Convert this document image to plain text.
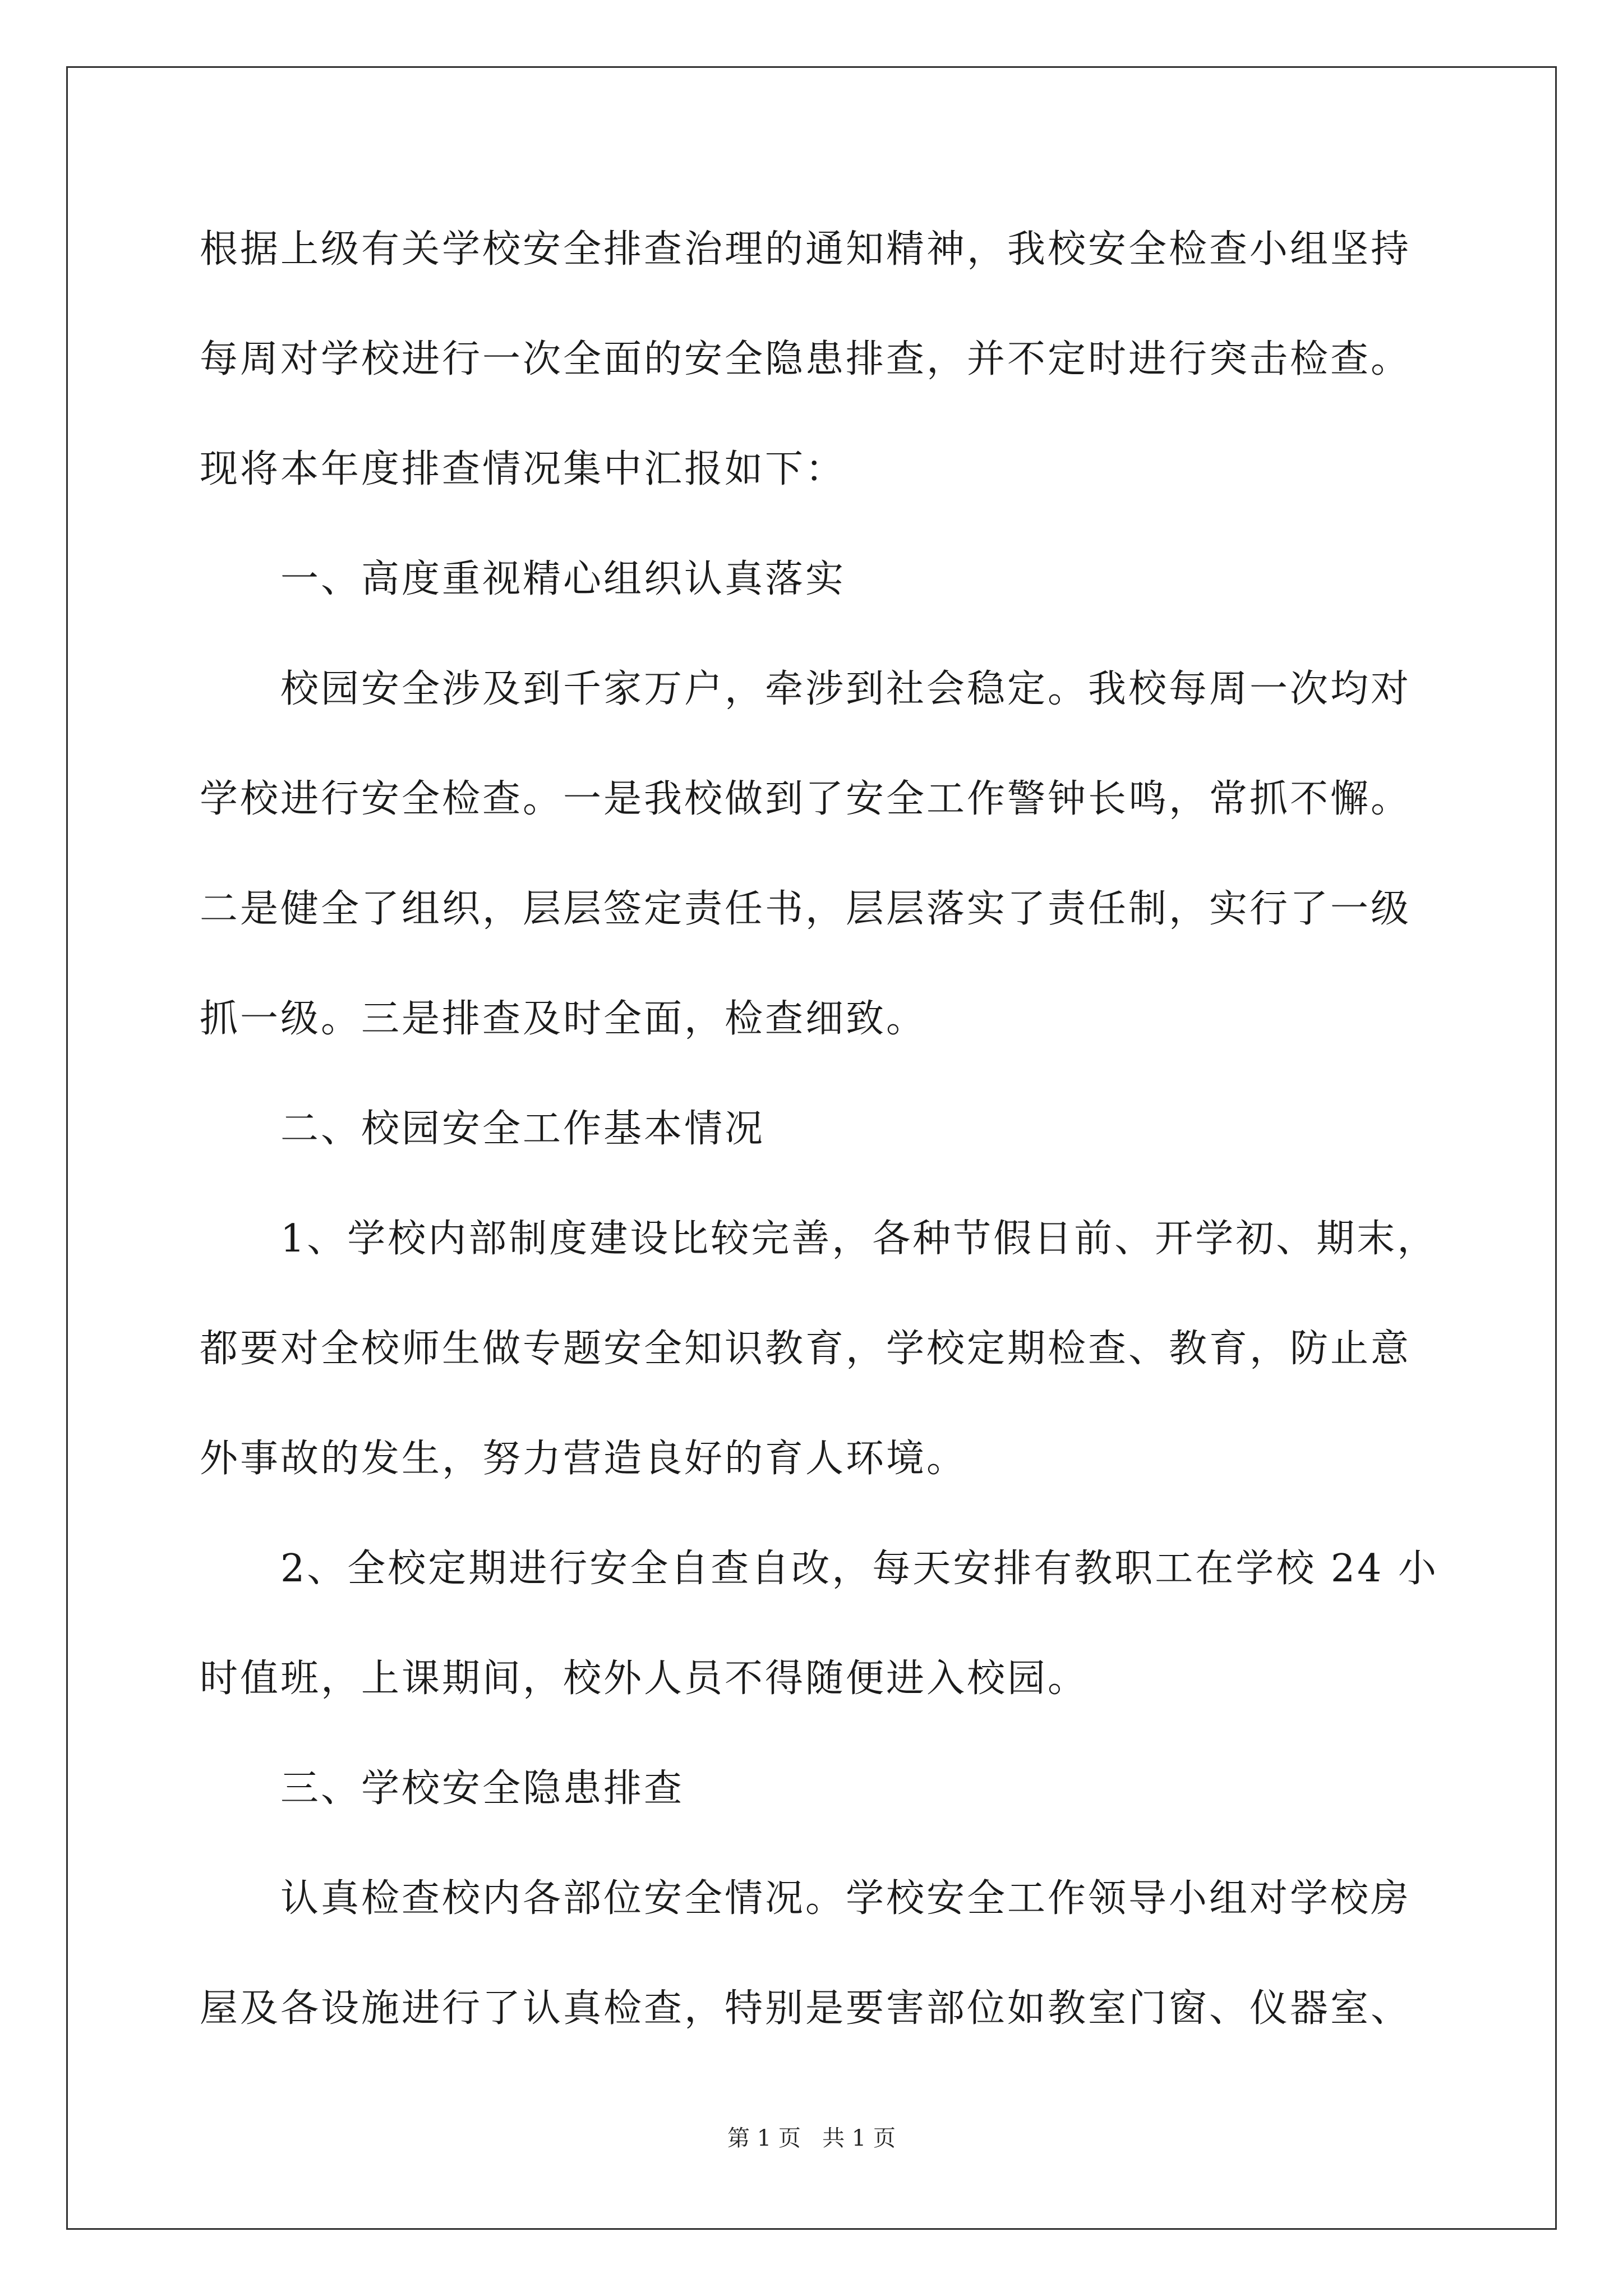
根据上级有关学校安全排查治理的通知精神，我校安全检查小组坚持
每周对学校进行一次全面的安全隐患排查，并不定时进行突击检查。
现将本年度排查情况集中汇报如下：
一、高度重视精心组织认真落实
校园安全涉及到千家万户，牵涉到社会稳定。我校每周一次均对
学校进行安全检查。一是我校做到了安全工作警钟长鸣，常抓不懈。
二是健全了组织，层层签定责任书，层层落实了责任制，实行了一级
抓一级。三是排查及时全面，检查细致。
二、校园安全工作基本情况
1、学校内部制度建设比较完善，各种节假日前、开学初、期末，
都要对全校师生做专题安全知识教育，学校定期检查、教育，防止意
外事故的发生，努力营造良好的育人环境。
2、全校定期进行安全自查自改，每天安排有教职工在学校 24 小
时值班，上课期间，校外人员不得随便进入校园。
三、学校安全隐患排查
认真检查校内各部位安全情况。学校安全工作领导小组对学校房
屋及各设施进行了认真检查，特别是要害部位如教室门窗、仪器室、
第 1 页   共 1 页
